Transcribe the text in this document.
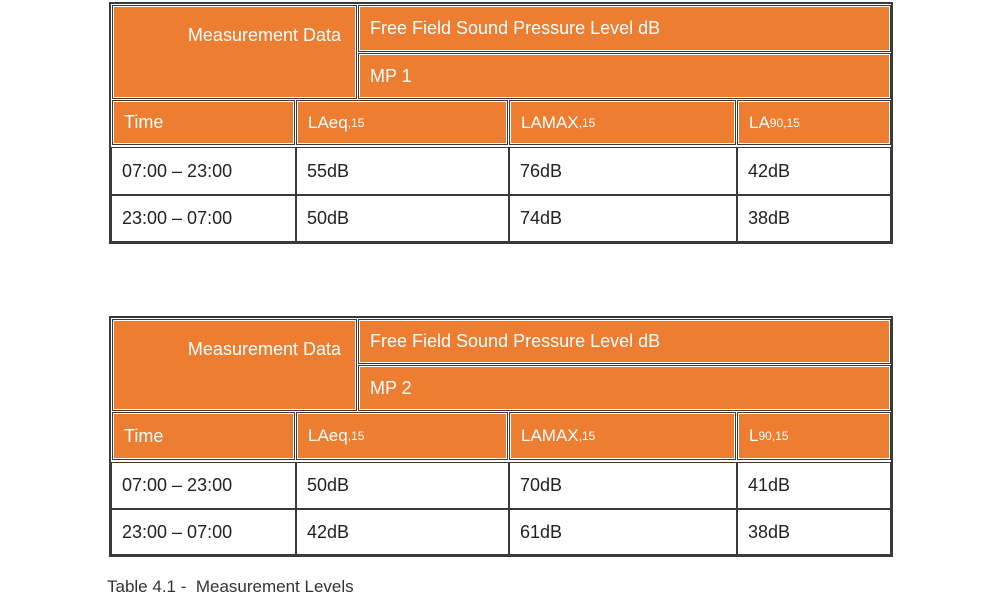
Measurement Data	Free Field Sound Pressure Level dB
MP 1
Time	LAeq ,15	LAMAX ,15	LA 90,15
07:00 – 23:00	55dB	76dB	42dB
23:00 – 07:00	50dB	74dB	38dB
Measurement Data	Free Field Sound Pressure Level dB
MP 2
Time	LAeq ,15	LAMAX ,15	L 90,15
07:00 – 23:00	50dB	70dB	41dB
23:00 – 07:00	42dB	61dB	38dB
Table 4.1 -  Measurement Levels
